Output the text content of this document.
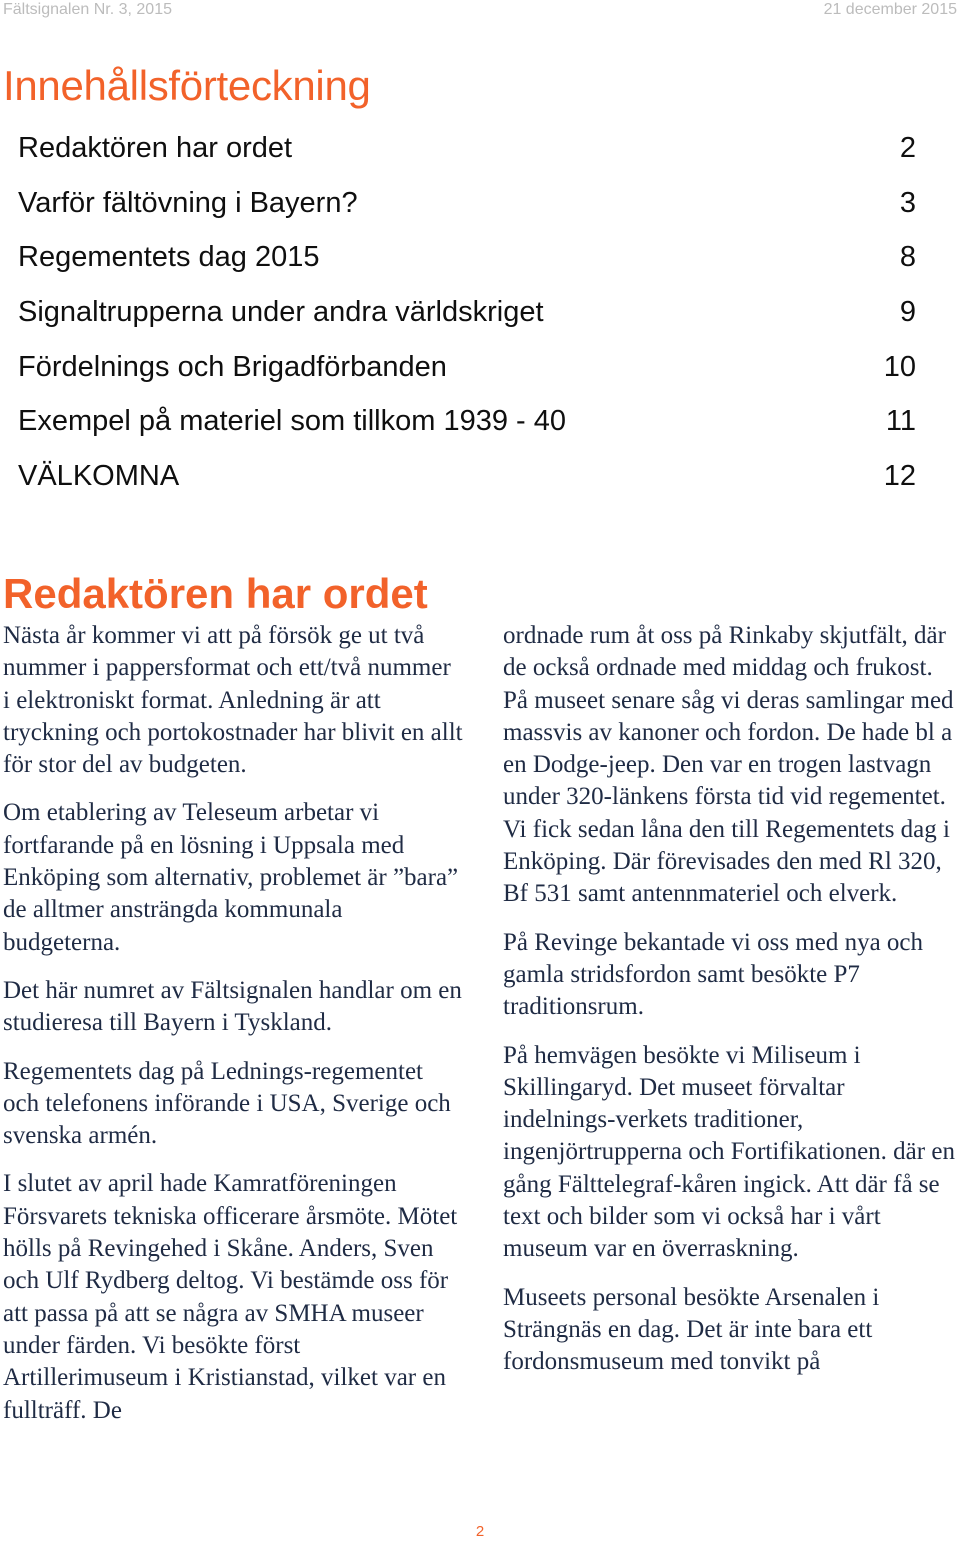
Fältsignalen Nr. 3, 2015	21 december 2015
Innehållsförteckning
Redaktören har ordet	2
Varför fältövning i Bayern?	3
Regementets dag 2015	8
Signaltrupperna under andra världskriget	9
Fördelnings och Brigadförbanden	10
Exempel på materiel som tillkom 1939 - 40	11
VÄLKOMNA	12
Redaktören har ordet

Nästa år kommer vi att på försök ge ut två nummer i pappersformat och ett/två nummer i elektroniskt format. Anledning är att tryckning och portokostnader har blivit en allt för stor del av budgeten.

Om etablering av Teleseum arbetar vi fortfarande på en lösning i Uppsala med Enköping som alternativ, problemet är ”bara” de alltmer ansträngda kommunala budgeterna.

Det här numret av Fältsignalen handlar om en studieresa till Bayern i Tyskland.

Regementets dag på Lednings-regementet och telefonens införande i USA, Sverige och svenska armén.

I slutet av april hade Kamratföreningen Försvarets tekniska officerare årsmöte. Mötet hölls på Revingehed i Skåne. Anders, Sven och Ulf Rydberg deltog. Vi bestämde oss för att passa på att se några av SMHA museer under färden. Vi besökte först Artillerimuseum i Kristianstad, vilket var en fullträff. De

ordnade rum åt oss på Rinkaby skjutfält, där de också ordnade med middag och frukost. På museet senare såg vi deras samlingar med massvis av kanoner och fordon. De hade bl a en Dodge-jeep. Den var en trogen lastvagn under 320-länkens första tid vid regementet. Vi fick sedan låna den till Regementets dag i Enköping. Där förevisades den med Rl 320, Bf 531 samt antennmateriel och elverk.

På Revinge bekantade vi oss med nya och gamla stridsfordon samt besökte P7 traditionsrum.

På hemvägen besökte vi Miliseum i Skillingaryd. Det museet förvaltar indelnings-verkets traditioner, ingenjörtrupperna och Fortifikationen. där en gång Fälttelegraf-kåren ingick. Att där få se text och bilder som vi också har i vårt museum var en överraskning.

Museets personal besökte Arsenalen i Strängnäs en dag. Det är inte bara ett fordonsmuseum med tonvikt på

2
